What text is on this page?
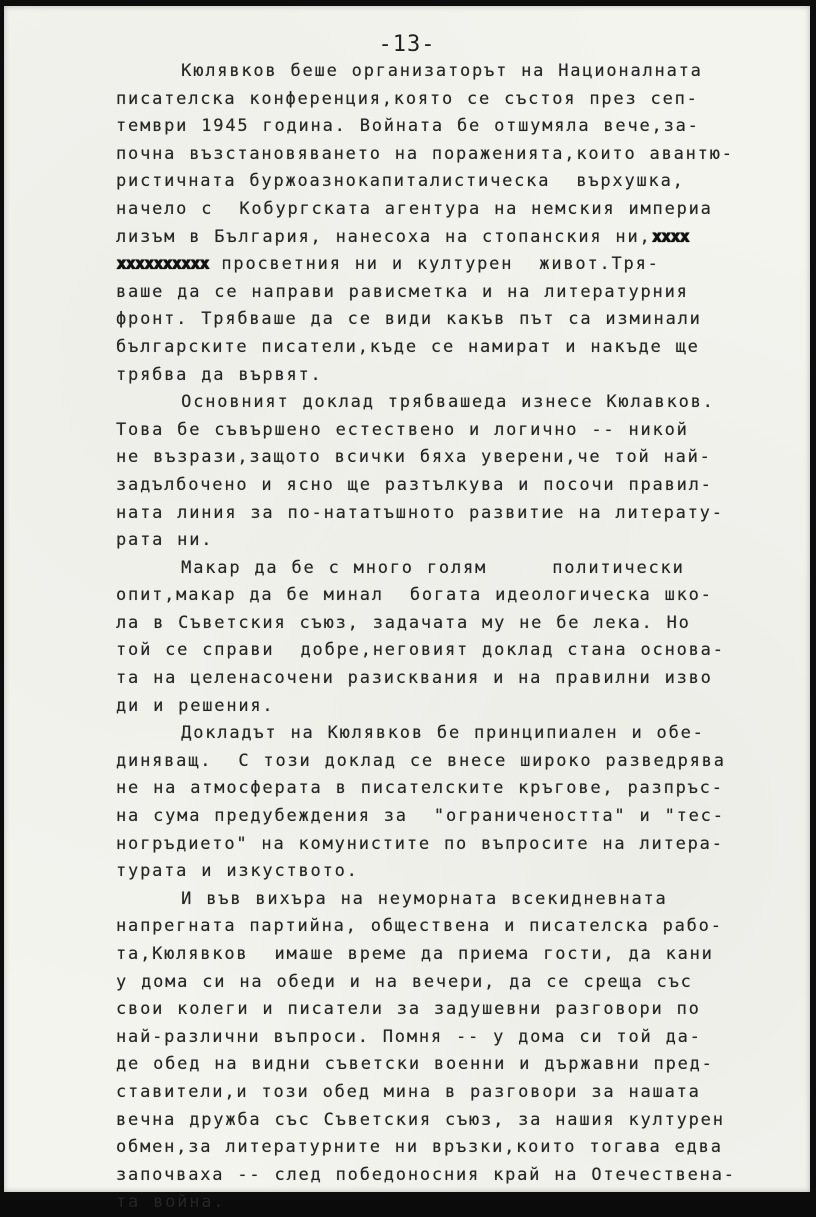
-13-
Кюлявков беше организаторът на Националната
писателска конференция,която се състоя през сеп-
тември 1945 година. Войната бе отшумяла вече,за-
почна възстановяването на пораженията,които авантю-
ристичната буржоазнокапиталистическа  върхушка,
начело с  Кобургската агентура на немския империа
лизъм в България, нанесоха на стопанския ни,хххх
хххххххххх просветния ни и културен  живот.Тря-
ваше да се направи рависметка и на литературния
фронт. Трябваше да се види какъв път са изминали
българските писатели,къде се намират и накъде ще
трябва да вървят.
Основният доклад трябвашеда изнесе Кюлавков.
Това бе съвършено естествено и логично -- никой
не възрази,защото всички бяха уверени,че той най-
задълбочено и ясно ще разтълкува и посочи правил-
ната линия за по-нататъшното развитие на литерату-
рата ни.
Макар да бе с много голям     политически
опит,макар да бе минал  богата идеологическа шко-
ла в Съветския съюз, задачата му не бе лека. Но
той се справи  добре,неговият доклад стана основа-
та на целенасочени разисквания и на правилни изво
ди и решения.
Докладът на Кюлявков бе принципиален и обе-
диняващ.  С този доклад се внесе широко разведрява
не на атмосферата в писателските кръгове, разпръс-
на сума предубеждения за  "ограничеността" и "тес-
ногръдието" на комунистите по въпросите на литера-
турата и изкуството.
И във вихъра на неуморната всекидневната
напрегната партийна, обществена и писателска рабо-
та,Кюлявков  имаше време да приема гости, да кани
у дома си на обеди и на вечери, да се среща със
свои колеги и писатели за задушевни разговори по
най-различни въпроси. Помня -- у дома си той да-
де обед на видни съветски военни и държавни пред-
ставители,и този обед мина в разговори за нашата
вечна дружба със Съветския съюз, за нашия културен
обмен,за литературните ни връзки,които тогава едва
започваха -- след победоносния край на Отечествена-
та война.
